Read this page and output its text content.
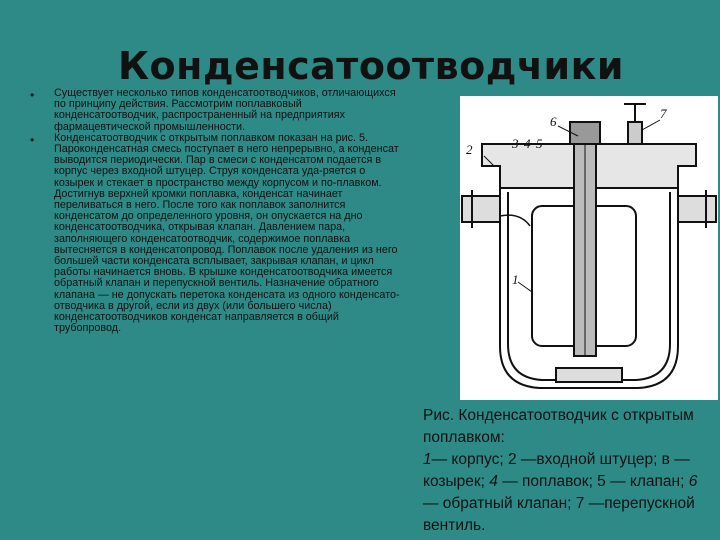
Конденсатоотводчики
• Существует несколько типов конденсатоотводчиков, отличающихся по принципу действия. Рассмотрим поплавковый конденсатоотводчик, распространенный на предприятиях фармацевтической промышленности.

• Конденсатоотводчик с открытым поплавком показан на рис. 5. Пароконденсатная смесь поступает в него непрерывно, а конденсат выводится периодически. Пар в смеси с конденсатом подается в корпус через входной штуцер. Струя конденсата уда-ряется о козырек и стекает в пространство между корпусом и по-плавком. Достигнув верхней кромки поплавка, конденсат начинает переливаться в него. После того как поплавок заполнится конденсатом до определенного уровня, он опускается на дно конденсатоотводчика, открывая клапан. Давлением пара, заполняющего конденсатоотводчик, содержимое поплавка вытесняется в конденсатопровод. Поплавок после удаления из него большей части конденсата всплывает, закрывая клапан, и цикл работы начинается вновь. В крышке конденсатоотводчика имеется обратный клапан и перепускной вентиль. Назначение обратного клапана — не допускать перетока конденсата из одного конденсато-отводчика в другой, если из двух (или большего числа) конденсатоотводчиков конденсат направляется в общий трубопровод.

6
7
3 4 5
2
1
Рис. Конденсатоотводчик с открытым поплавком:
1— корпус; 2 —входной штуцер; в —козырек; 4 — поплавок; 5 — клапан; 6 — обратный клапан; 7 —перепускной вентиль.
